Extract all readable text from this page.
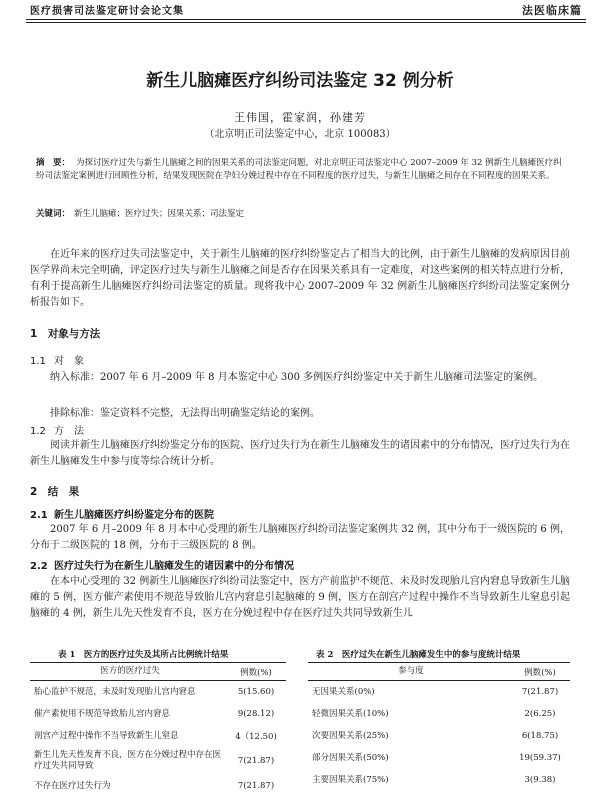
医疗损害司法鉴定研讨会论文集	法医临床篇
新生儿脑瘫医疗纠纷司法鉴定 32 例分析
王伟国，霍家润，孙建芳
（北京明正司法鉴定中心，北京 100083）
摘　要： 为探讨医疗过失与新生儿脑瘫之间的因果关系的司法鉴定问题，对北京明正司法鉴定中心 2007–2009 年 32 例新生儿脑瘫医疗纠纷司法鉴定案例进行回顾性分析，结果发现医院在孕妇分娩过程中存在不同程度的医疗过失，与新生儿脑瘫之间存在不同程度的因果关系。
关键词： 新生儿脑瘫；医疗过失；因果关系；司法鉴定
在近年来的医疗过失司法鉴定中，关于新生儿脑瘫的医疗纠纷鉴定占了相当大的比例，由于新生儿脑瘫的发病原因目前医学界尚未完全明确，评定医疗过失与新生儿脑瘫之间是否存在因果关系具有一定难度，对这些案例的相关特点进行分析，有利于提高新生儿脑瘫医疗纠纷司法鉴定的质量。现将我中心 2007–2009 年 32 例新生儿脑瘫医疗纠纷司法鉴定案例分析报告如下。
1　对象与方法
1.1 对　象
纳入标准：2007 年 6 月–2009 年 8 月本鉴定中心 300 多例医疗纠纷鉴定中关于新生儿脑瘫司法鉴定的案例。
排除标准：鉴定资料不完整，无法得出明确鉴定结论的案例。
1.2 方　法
阅读并新生儿脑瘫医疗纠纷鉴定分布的医院、医疗过失行为在新生儿脑瘫发生的诸因素中的分布情况，医疗过失行为在新生儿脑瘫发生中参与度等综合统计分析。
2　结　果
2.1 新生儿脑瘫医疗纠纷鉴定分布的医院
2007 年 6 月–2009 年 8 月本中心受理的新生儿脑瘫医疗纠纷司法鉴定案例共 32 例，其中分布于一级医院的 6 例，分布于二级医院的 18 例，分布于三级医院的 8 例。
2.2 医疗过失行为在新生儿脑瘫发生的诸因素中的分布情况
在本中心受理的 32 例新生儿脑瘫医疗纠纷司法鉴定中，医方产前监护不规范、未及时发现胎儿宫内窘息导致新生儿脑瘫的 5 例，医方催产素使用不规范导致胎儿宫内窘息引起脑瘫的 9 例，医方在剖宫产过程中操作不当导致新生儿窒息引起脑瘫的 4 例，新生儿先天性发育不良，医方在分娩过程中存在医疗过失共同导致新生儿
表 1　医方的医疗过失及其所占比例统计结果
医方的医疗过失	例数(%)
胎心监护不规范，未及时发现胎儿宫内窘息	5(15.60)
催产素使用不规范导致胎儿宫内窘息	9(28.12)
剖宫产过程中操作不当导致新生儿窒息	4（12.50)
新生儿先天性发育不良，医方在分娩过程中存在医疗过失共同导致	7(21.87)
不存在医疗过失行为	7(21.87)
表 2　医疗过失在新生儿脑瘫发生中的参与度统计结果
参与度	例数(%)
无因果关系(0%)	7(21.87)
轻微因果关系(10%)	2(6.25)
次要因果关系(25%)	6(18.75)
部分因果关系(50%)	19(59.37)
主要因果关系(75%)	3(9.38)
